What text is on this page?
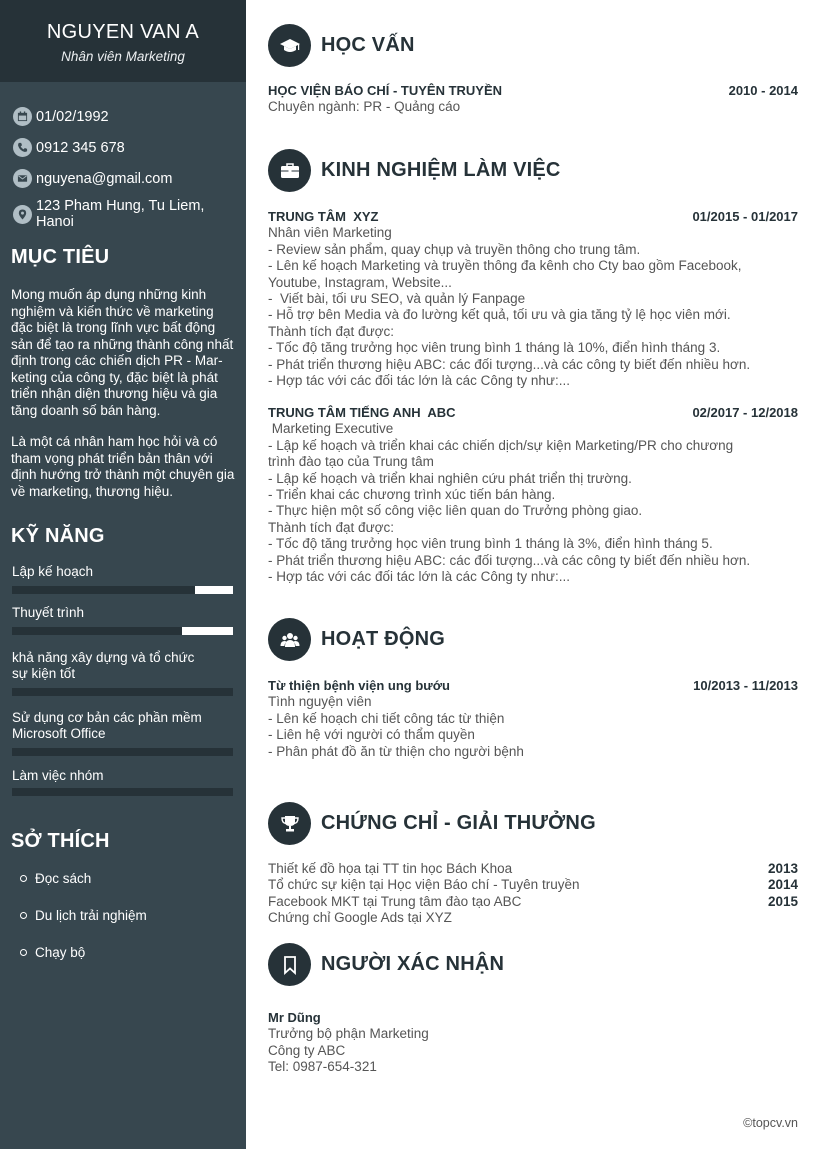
NGUYEN VAN A
Nhân viên Marketing
01/02/1992
0912 345 678
nguyena@gmail.com
123 Pham Hung, Tu Liem, Hanoi
MỤC TIÊU
Mong muốn áp dụng những kinh
nghiệm và kiến thức về marketing
đặc biệt là trong lĩnh vực bất động
sản để tạo ra những thành công nhất
định trong các chiến dịch PR - Mar-
keting của công ty, đặc biệt là phát
triển nhận diện thương hiệu và gia
tăng doanh số bán hàng.
Là một cá nhân ham học hỏi và có
tham vọng phát triển bản thân với
định hướng trở thành một chuyên gia
về marketing, thương hiệu.
KỸ NĂNG
Lập kế hoạch
Thuyết trình
khả năng xây dựng và tổ chức
sự kiện tốt
Sử dụng cơ bản các phần mềm
Microsoft Office
Làm việc nhóm
SỞ THÍCH
Đọc sách
Du lịch trải nghiệm
Chạy bộ
HỌC VẤN
HỌC VIỆN BÁO CHÍ - TUYÊN TRUYỀN	2010 - 2014
Chuyên ngành: PR - Quảng cáo
KINH NGHIỆM LÀM VIỆC
TRUNG TÂM  XYZ	01/2015 - 01/2017
Nhân viên Marketing
- Review sản phẩm, quay chụp và truyền thông cho trung tâm.
- Lên kế hoạch Marketing và truyền thông đa kênh cho Cty bao gồm Facebook,
Youtube, Instagram, Website...
-  Viết bài, tối ưu SEO, và quản lý Fanpage
- Hỗ trợ bên Media và đo lường kết quả, tối ưu và gia tăng tỷ lệ học viên mới.
Thành tích đạt được:
- Tốc độ tăng trưởng học viên trung bình 1 tháng là 10%, điển hình tháng 3.
- Phát triển thương hiệu ABC: các đối tượng...và các công ty biết đến nhiều hơn.
- Hợp tác với các đối tác lớn là các Công ty như:...
TRUNG TÂM TIẾNG ANH  ABC	02/2017 - 12/2018
Marketing Executive
- Lập kế hoạch và triển khai các chiến dịch/sự kiện Marketing/PR cho chương
trình đào tạo của Trung tâm
- Lập kế hoạch và triển khai nghiên cứu phát triển thị trường.
- Triển khai các chương trình xúc tiến bán hàng.
- Thực hiện một số công việc liên quan do Trưởng phòng giao.
Thành tích đạt được:
- Tốc độ tăng trưởng học viên trung bình 1 tháng là 3%, điển hình tháng 5.
- Phát triển thương hiệu ABC: các đối tượng...và các công ty biết đến nhiều hơn.
- Hợp tác với các đối tác lớn là các Công ty như:...
HOẠT ĐỘNG
Từ thiện bệnh viện ung bướu	10/2013 - 11/2013
Tình nguyện viên
- Lên kế hoạch chi tiết công tác từ thiện
- Liên hệ với người có thẩm quyền
- Phân phát đồ ăn từ thiện cho người bệnh
CHỨNG CHỈ - GIẢI THƯỞNG
Thiết kế đồ họa tại TT tin học Bách Khoa	2013
Tổ chức sự kiện tại Học viện Báo chí - Tuyên truyền	2014
Facebook MKT tại Trung tâm đào tạo ABC	2015
Chứng chỉ Google Ads tại XYZ
NGƯỜI XÁC NHẬN
Mr Dũng
Trưởng bộ phận Marketing
Công ty ABC
Tel: 0987-654-321
©topcv.vn
